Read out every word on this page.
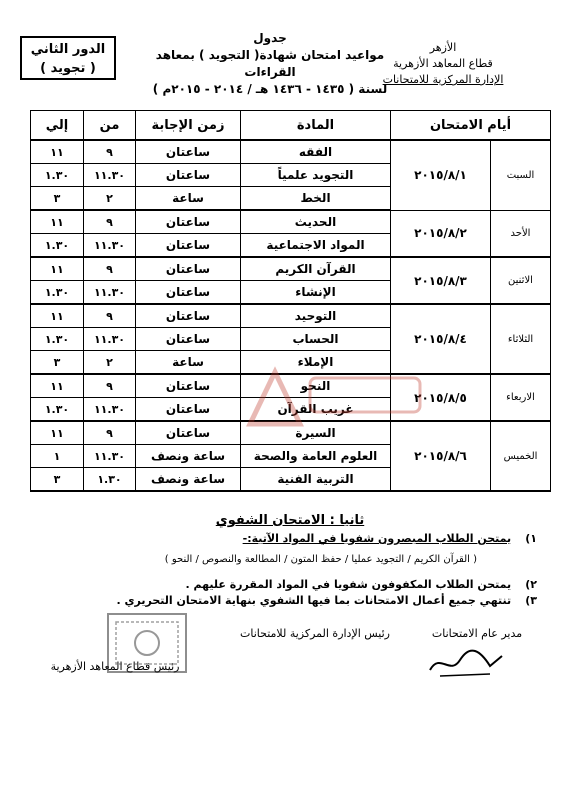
الأزهر
قطاع المعاهد الأزهرية
الإدارة المركزية للامتحانات
جدول
مواعيد امتحان شهادة( التجويد ) بمعاهد القراءات
لسنة ( ١٤٣٥ - ١٤٣٦ هـ / ٢٠١٤ - ٢٠١٥م )
الدور الثاني
( تجويد )
أيام الامتحان		المادة	زمن الإجابة	من	إلي
السبت	٢٠١٥/٨/١	الفقه	ساعتان	٩	١١
		التجويد علمياً	ساعتان	١١.٣٠	١.٣٠
		الخط	ساعة	٢	٣
الأحد	٢٠١٥/٨/٢	الحديث	ساعتان	٩	١١
		المواد الاجتماعية	ساعتان	١١.٣٠	١.٣٠
الاثنين	٢٠١٥/٨/٣	القرآن الكريم	ساعتان	٩	١١
		الإنشاء	ساعتان	١١.٣٠	١.٣٠
الثلاثاء	٢٠١٥/٨/٤	التوحيد	ساعتان	٩	١١
		الحساب	ساعتان	١١.٣٠	١.٣٠
		الإملاء	ساعة	٢	٣
الاربعاء	٢٠١٥/٨/٥	النحو	ساعتان	٩	١١
		غريب القرآن	ساعتان	١١.٣٠	١.٣٠
الخميس	٢٠١٥/٨/٦	السيرة	ساعتان	٩	١١
		العلوم العامة والصحة	ساعة ونصف	١١.٣٠	١
		التربية الفنية	ساعة ونصف	١.٣٠	٣
ثانيا : الامتحان الشفوي
١) يمتحن الطلاب المبصرون شفويا في المواد الآتية:-
( القرآن الكريم / التجويد عمليا / حفظ المتون / المطالعة والنصوص / النحو )
٢) يمتحن الطلاب المكفوفون شفويا في المواد المقررة عليهم .
٣) تنتهي جميع أعمال الامتحانات بما فيها الشفوي بنهاية الامتحان التحريري .
مدير عام الامتحانات
رئيس الإدارة المركزية للامتحانات
رئيس قطاع المعاهد الأزهرية
